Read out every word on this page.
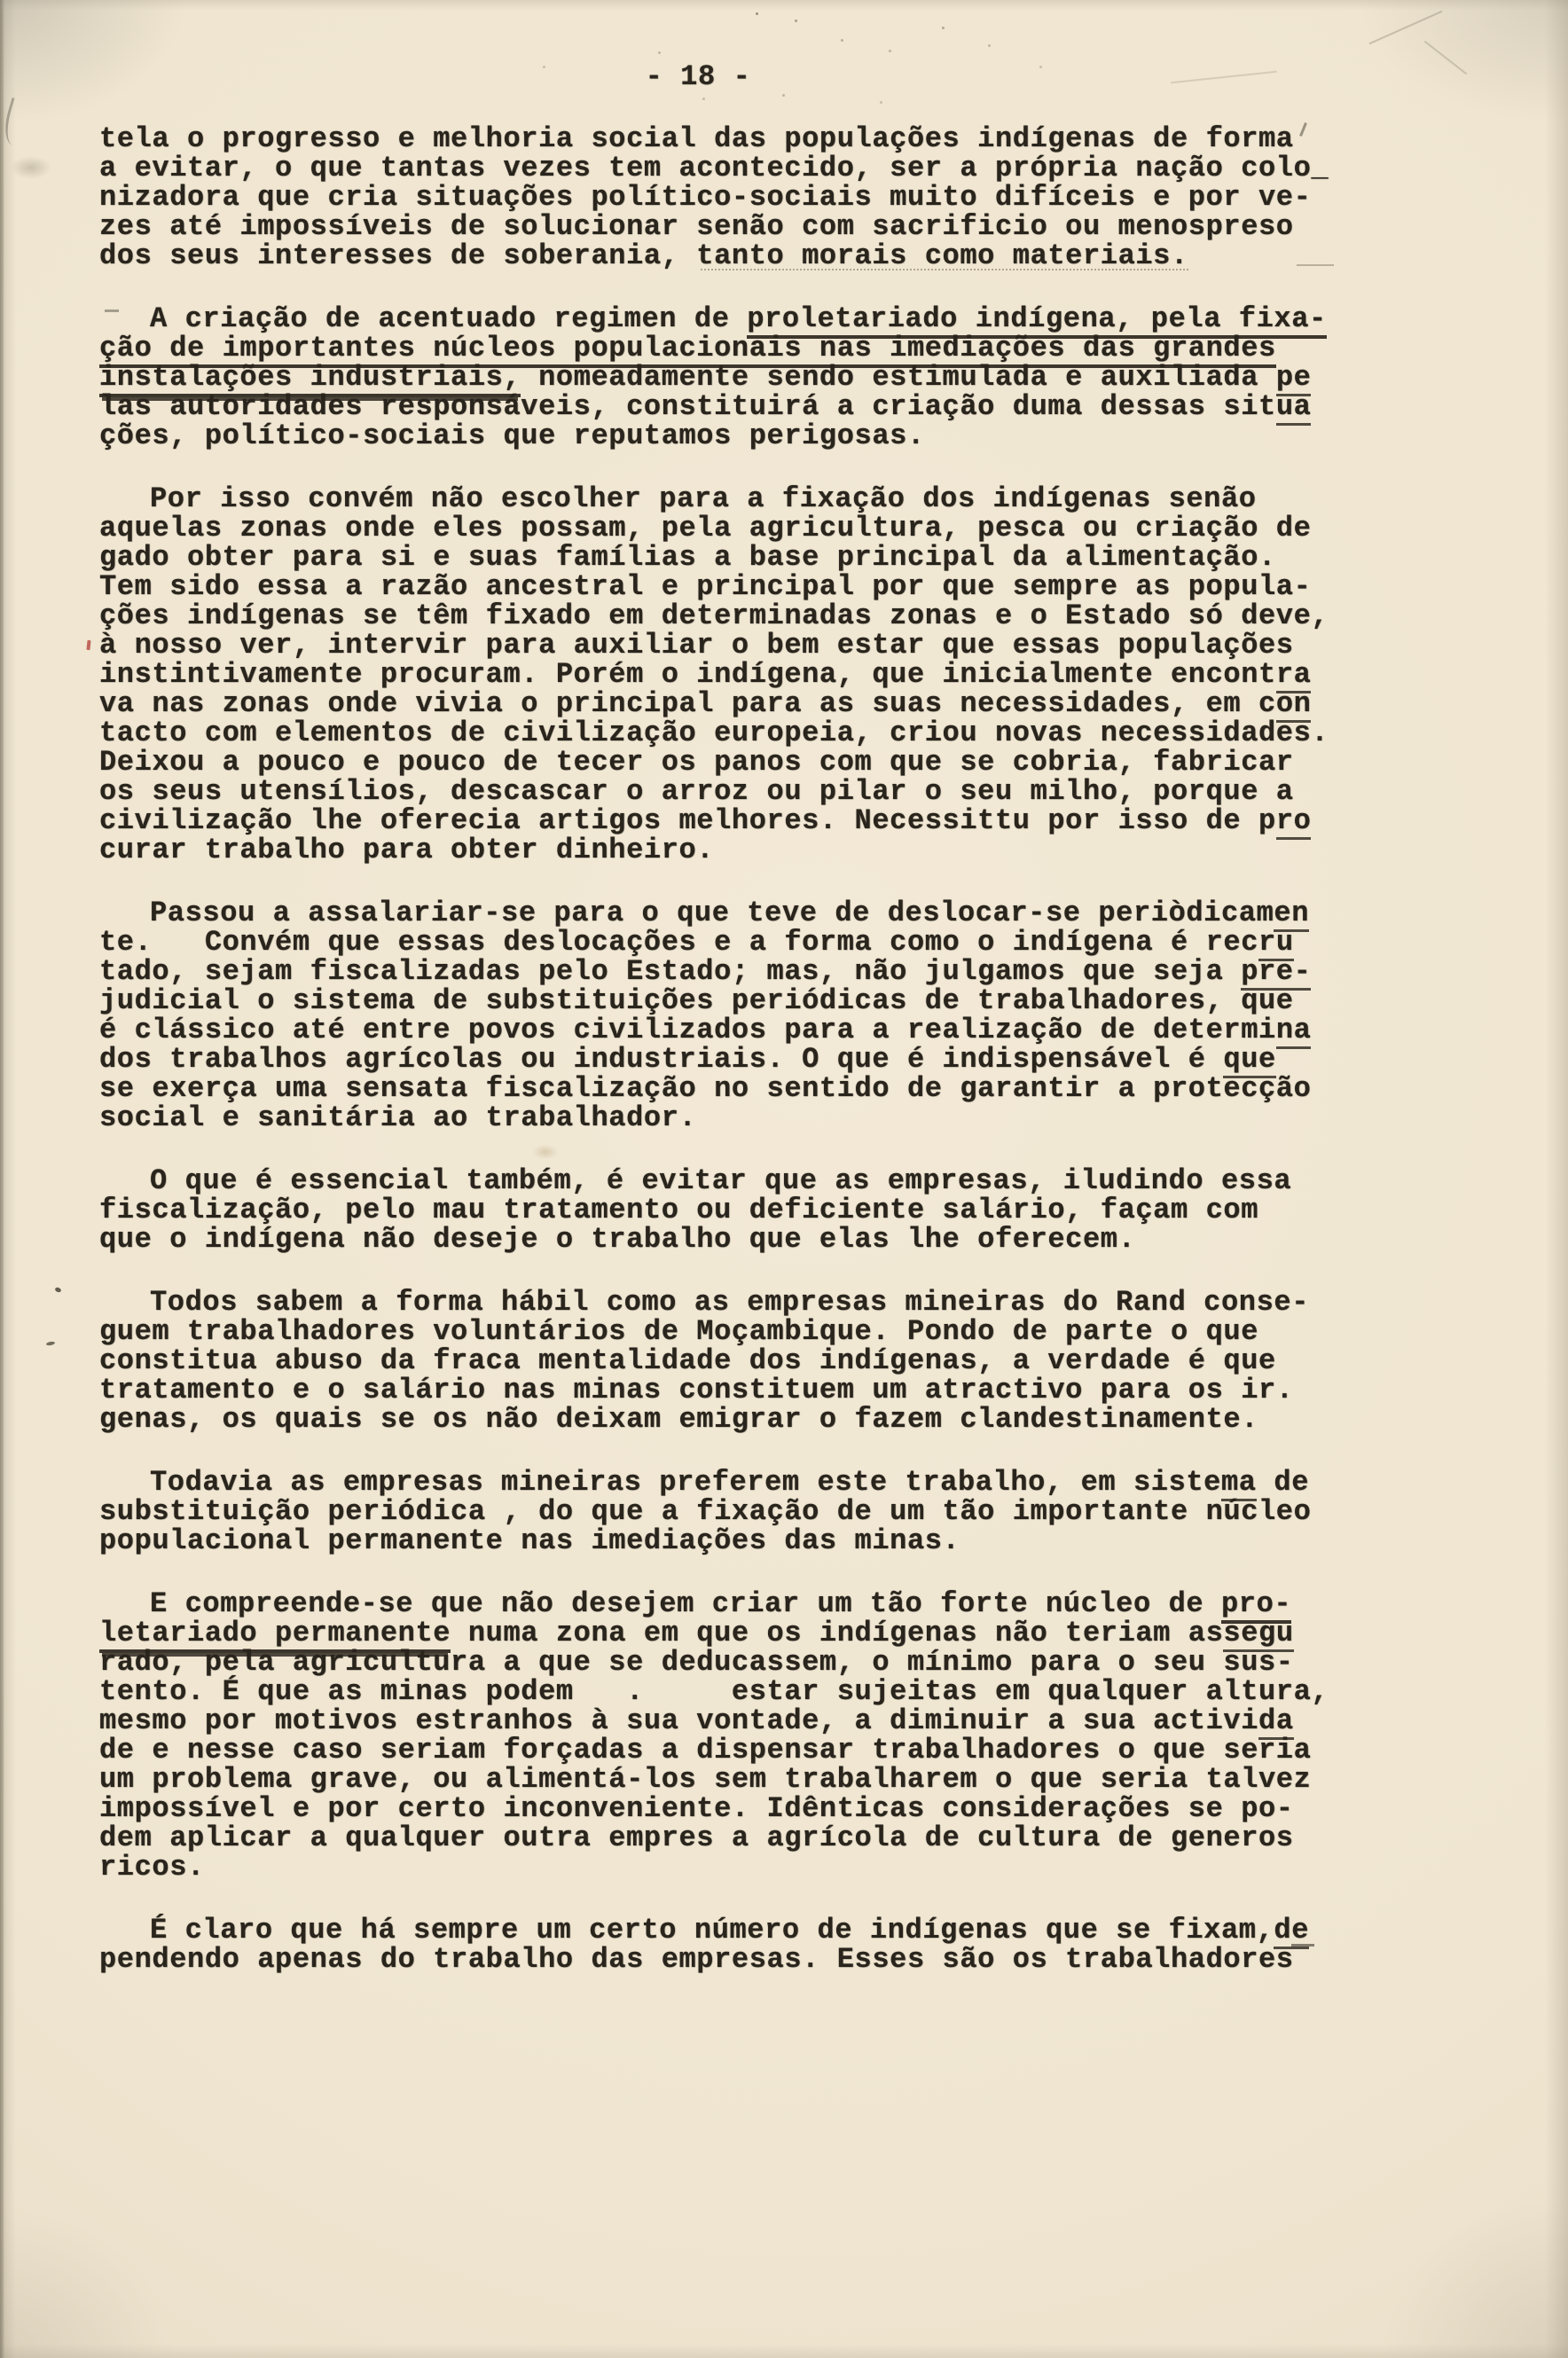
- 18 -
tela o progresso e melhoria social das populações indígenas de forma
a evitar, o que tantas vezes tem acontecido, ser a própria nação colo_
nizadora que cria situações político-sociais muito difíceis e por ve-
zes até impossíveis de solucionar senão com sacrificio ou menospreso
dos seus interesses de soberania, tanto morais como materiais.
A criação de acentuado regimen de proletariado indígena, pela fixa-
ção de importantes núcleos populacionais nas imediações das grandes
instalações industriais, nomeadamente sendo estimulada e auxiliada pe
las autoridades responsáveis, constituirá a criação duma dessas situa
ções, político-sociais que reputamos perigosas.
Por isso convém não escolher para a fixação dos indígenas senão
aquelas zonas onde eles possam, pela agricultura, pesca ou criação de
gado obter para si e suas famílias a base principal da alimentação.
Tem sido essa a razão ancestral e principal por que sempre as popula-
ções indígenas se têm fixado em determinadas zonas e o Estado só deve,
à nosso ver, intervir para auxiliar o bem estar que essas populações
instintivamente procuram. Porém o indígena, que inicialmente encontra
va nas zonas onde vivia o principal para as suas necessidades, em con
tacto com elementos de civilização europeia, criou novas necessidades.
Deixou a pouco e pouco de tecer os panos com que se cobria, fabricar
os seus utensílios, descascar o arroz ou pilar o seu milho, porque a
civilização lhe oferecia artigos melhores. Necessittu por isso de pro
curar trabalho para obter dinheiro.
Passou a assalariar-se para o que teve de deslocar-se periòdicamen
te.   Convém que essas deslocações e a forma como o indígena é recru
tado, sejam fiscalizadas pelo Estado; mas, não julgamos que seja pre-
judicial o sistema de substituições periódicas de trabalhadores, que
é clássico até entre povos civilizados para a realização de determina
dos trabalhos agrícolas ou industriais. O que é indispensável é que
se exerça uma sensata fiscalização no sentido de garantir a protecção
social e sanitária ao trabalhador.
O que é essencial também, é evitar que as empresas, iludindo essa
fiscalização, pelo mau tratamento ou deficiente salário, façam com
que o indígena não deseje o trabalho que elas lhe oferecem.
Todos sabem a forma hábil como as empresas mineiras do Rand conse-
guem trabalhadores voluntários de Moçambique. Pondo de parte o que
constitua abuso da fraca mentalidade dos indígenas, a verdade é que
tratamento e o salário nas minas constituem um atractivo para os ir.
genas, os quais se os não deixam emigrar o fazem clandestinamente.
Todavia as empresas mineiras preferem este trabalho, em sistema de
substituição periódica , do que a fixação de um tão importante núcleo
populacional permanente nas imediações das minas.
E compreende-se que não desejem criar um tão forte núcleo de pro-
letariado permanente numa zona em que os indígenas não teriam assegu
rado, pela agricultura a que se deducassem, o mínimo para o seu sus-
tento. É que as minas podem   .     estar sujeitas em qualquer altura,
mesmo por motivos estranhos à sua vontade, a diminuir a sua activida
de e nesse caso seriam forçadas a dispensar trabalhadores o que seria
um problema grave, ou alimentá-los sem trabalharem o que seria talvez
impossível e por certo inconveniente. Idênticas considerações se po-
dem aplicar a qualquer outra empres a agrícola de cultura de generos
ricos.
É claro que há sempre um certo número de indígenas que se fixam,de
pendendo apenas do trabalho das empresas. Esses são os trabalhadores
